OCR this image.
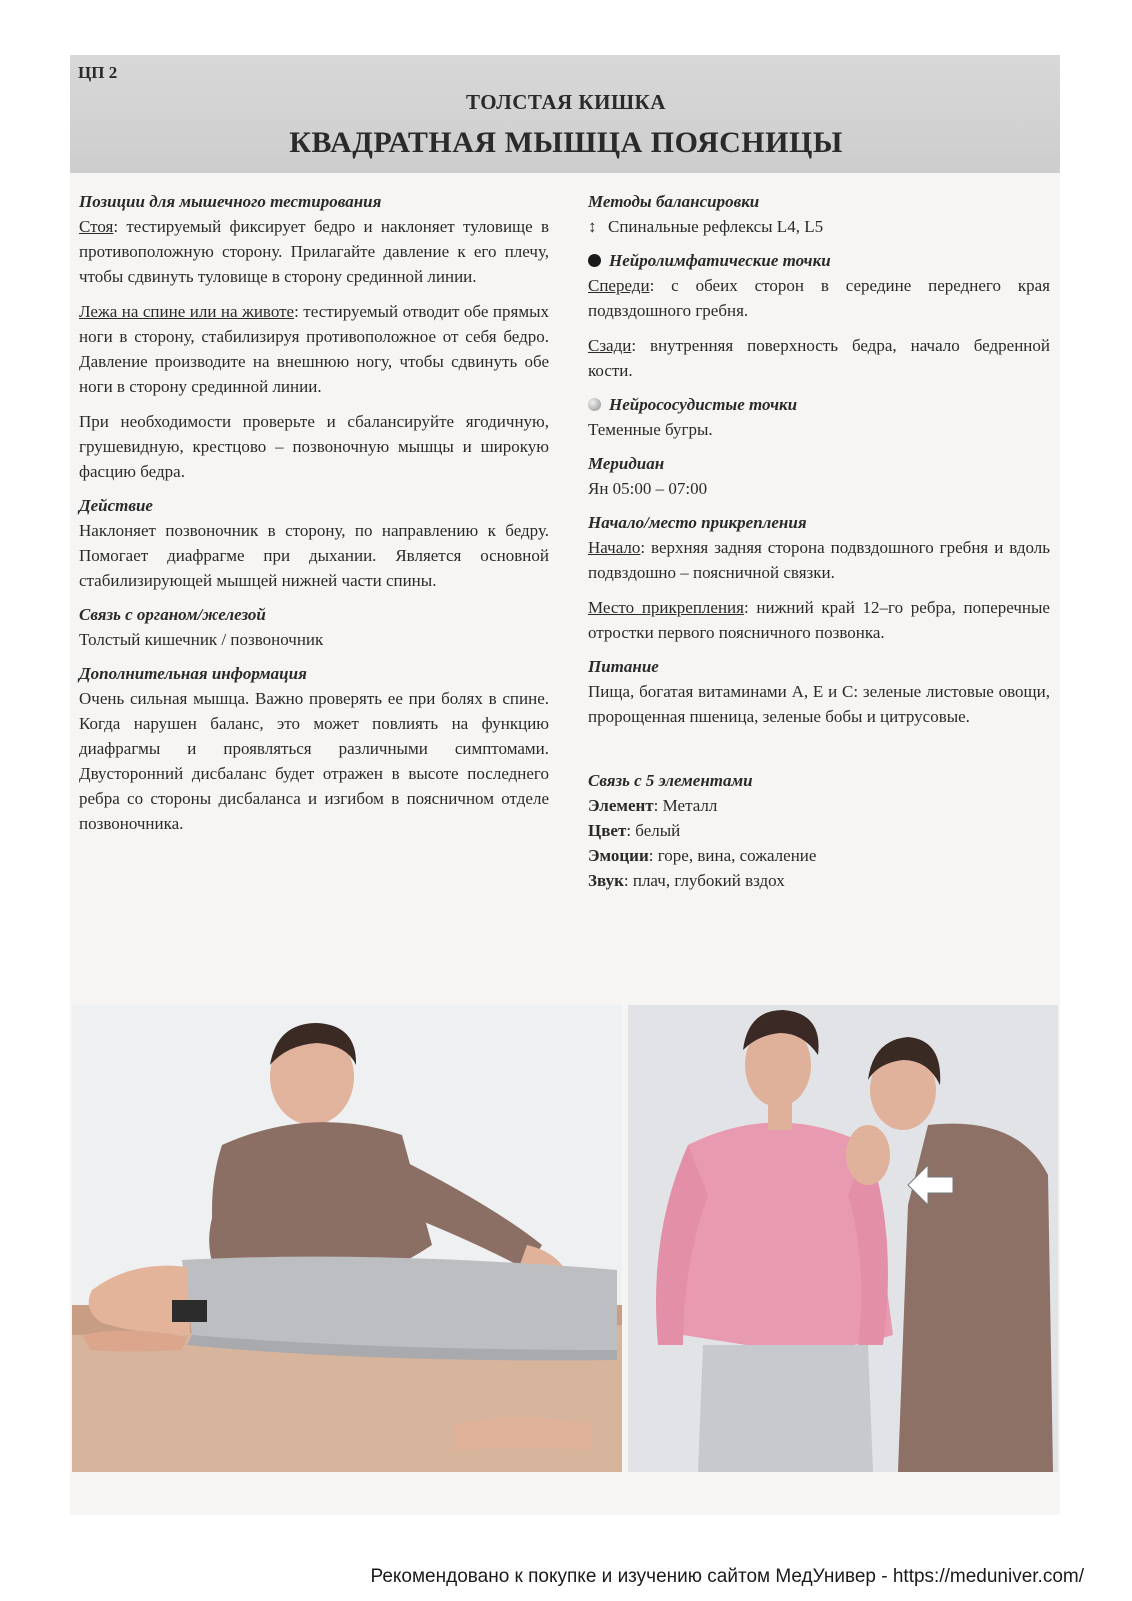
ЦП 2
ТОЛСТАЯ КИШКА
КВАДРАТНАЯ МЫШЦА ПОЯСНИЦЫ
Позиции для мышечного тестирования

Стоя: тестируемый фиксирует бедро и наклоняет туловище в противоположную сторону. Прилагайте давление к его плечу, чтобы сдвинуть туловище в сторону срединной линии.

Лежа на спине или на животе: тестируемый отводит обе прямых ноги в сторону, стабилизируя противоположное от себя бедро. Давление производите на внешнюю ногу, чтобы сдвинуть обе ноги в сторону срединной линии.

При необходимости проверьте и сбалансируйте ягодичную, грушевидную, крестцово – позвоночную мышцы и широкую фасцию бедра.

Действие

Наклоняет позвоночник в сторону, по направлению к бедру. Помогает диафрагме при дыхании. Является основной стабилизирующей мышцей нижней части спины.

Связь с органом/железой

Толстый кишечник / позвоночник

Дополнительная информация

Очень сильная мышца. Важно проверять ее при болях в спине. Когда нарушен баланс, это может повлиять на функцию диафрагмы и проявляться различными симптомами. Двусторонний дисбаланс будет отражен в высоте последнего ребра со стороны дисбаланса и изгибом в поясничном отделе позвоночника.

Методы балансировки

↕ Спинальные рефлексы L4, L5

Нейролимфатические точки

Спереди: с обеих сторон в середине переднего края подвздошного гребня.

Сзади: внутренняя поверхность бедра, начало бедренной кости.

Нейрососудистые точки

Теменные бугры.

Меридиан

Ян 05:00 – 07:00

Начало/место прикрепления

Начало: верхняя задняя сторона подвздошного гребня и вдоль подвздошно – поясничной связки.

Место прикрепления: нижний край 12–го ребра, поперечные отростки первого поясничного позвонка.

Питание

Пища, богатая витаминами А, Е и С: зеленые листовые овощи, пророщенная пшеница, зеленые бобы и цитрусовые.

Связь с 5 элементами
Элемент: Металл
Цвет: белый
Эмоции: горе, вина, сожаление
Звук: плач, глубокий вздох
Рекомендовано к покупке и изучению сайтом МедУнивер - https://meduniver.com/
